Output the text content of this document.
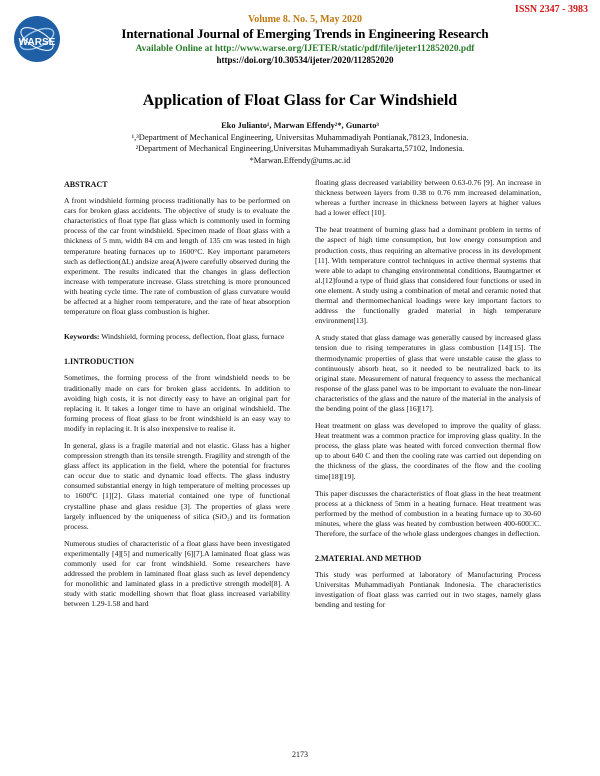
ISSN 2347 - 3983
WARSE
Volume 8. No. 5, May 2020
International Journal of Emerging Trends in Engineering Research
Available Online at http://www.warse.org/IJETER/static/pdf/file/ijeter112852020.pdf
https://doi.org/10.30534/ijeter/2020/112852020
Application of Float Glass for Car Windshield
Eko Julianto¹, Marwan Effendy²*, Gunarto³
¹,³Department of Mechanical Engineering, Universitas Muhammadiyah Pontianak,78123, Indonesia.
²Department of Mechanical Engineering,Universitas Muhammadiyah Surakarta,57102, Indonesia.
*Marwan.Effendy@ums.ac.id
ABSTRACT

A front windshield forming process traditionally has to be performed on cars for broken glass accidents. The objective of study is to evaluate the characteristics of float type flat glass which is commonly used in forming process of the car front windshield. Specimen made of float glass with a thickness of 5 mm, width 84 cm and length of 135 cm was tested in high temperature heating furnaces up to 1600°C. Key important parameters such as deflection(ΔL) andsize area(A)were carefully observed during the experiment. The results indicated that the changes in glass deflection increase with temperature increase. Glass stretching is more pronounced with heating cycle time. The rate of combustion of glass curvature would be affected at a higher room temperature, and the rate of heat absorption temperature on float glass combustion is higher.

Keywords: Windshield, forming process, deflection, float glass, furnace

1.INTRODUCTION

Sometimes, the forming process of the front windshield needs to be traditionally made on cars for broken glass accidents. In addition to avoiding high costs, it is not directly easy to have an original part for replacing it. It takes a longer time to have an original windshield. The forming process of float glass to be front windshield is an easy way to modify in replacing it. It is also inexpensive to realise it.

In general, glass is a fragile material and not elastic. Glass has a higher compression strength than its tensile strength. Fragility and strength of the glass affect its application in the field, where the potential for fractures can occur due to static and dynamic load effects. The glass industry consumed substantial energy in high temperature of melting processes up to 1600ºC [1][2]. Glass material contained one type of functional crystalline phase and glass residue [3]. The properties of glass were largely influenced by the uniqueness of silica (SiO₂) and its formation process.

Numerous studies of characteristic of a float glass have been investigated experimentally [4][5] and numerically [6][7].A laminated float glass was commonly used for car front windshield. Some researchers have addressed the problem in laminated float glass such as level dependency for monolithic and laminated glass in a predictive strength model[8]. A study with static modelling shown that float glass increased variability between 1.29-1.58 and hard

floating glass decreased variability between 0.63-0.76 [9]. An increase in thickness between layers from 0.38 to 0.76 mm increased delamination, whereas a further increase in thickness between layers at higher values had a lower effect [10].

The heat treatment of burning glass had a dominant problem in terms of the aspect of high time consumption, but low energy consumption and production costs, thus requiring an alternative process in its development [11]. With temperature control techniques in active thermal systems that were able to adapt to changing environmental conditions, Baumgartner et al.[12]found a type of fluid glass that considered four functions or used in one element. A study using a combination of metal and ceramic noted that thermal and thermomechanical loadings were key important factors to address the functionally graded material in high temperature environment[13].

A study stated that glass damage was generally caused by increased glass tension due to rising temperatures in glass combustion [14][15]. The thermodynamic properties of glass that were unstable cause the glass to continuously absorb heat, so it needed to be neutralized back to its original state. Measurement of natural frequency to assess the mechanical response of the glass panel was to be important to evaluate the non-linear characteristics of the glass and the nature of the material in the analysis of the bending point of the glass [16][17].

Heat treatment on glass was developed to improve the quality of glass. Heat treatment was a common practice for improving glass quality. In the process, the glass plate was heated with forced convection thermal flow up to about 640 C and then the cooling rate was carried out depending on the thickness of the glass, the coordinates of the flow and the cooling time[18][19].

This paper discusses the characteristics of float glass in the heat treatment process at a thickness of 5mm in a heating furnace. Heat treatment was performed by the method of combustion in a heating furnace up to 30-60 minutes, where the glass was heated by combustion between 400-600□C. Therefore, the surface of the whole glass undergoes changes in deflection.

2.MATERIAL AND METHOD

This study was performed at laboratory of Manufacturing Process Universitas Muhammadiyah Pontianak Indonesia. The characteristics investigation of float glass was carried out in two stages, namely glass bending and testing for

2173
